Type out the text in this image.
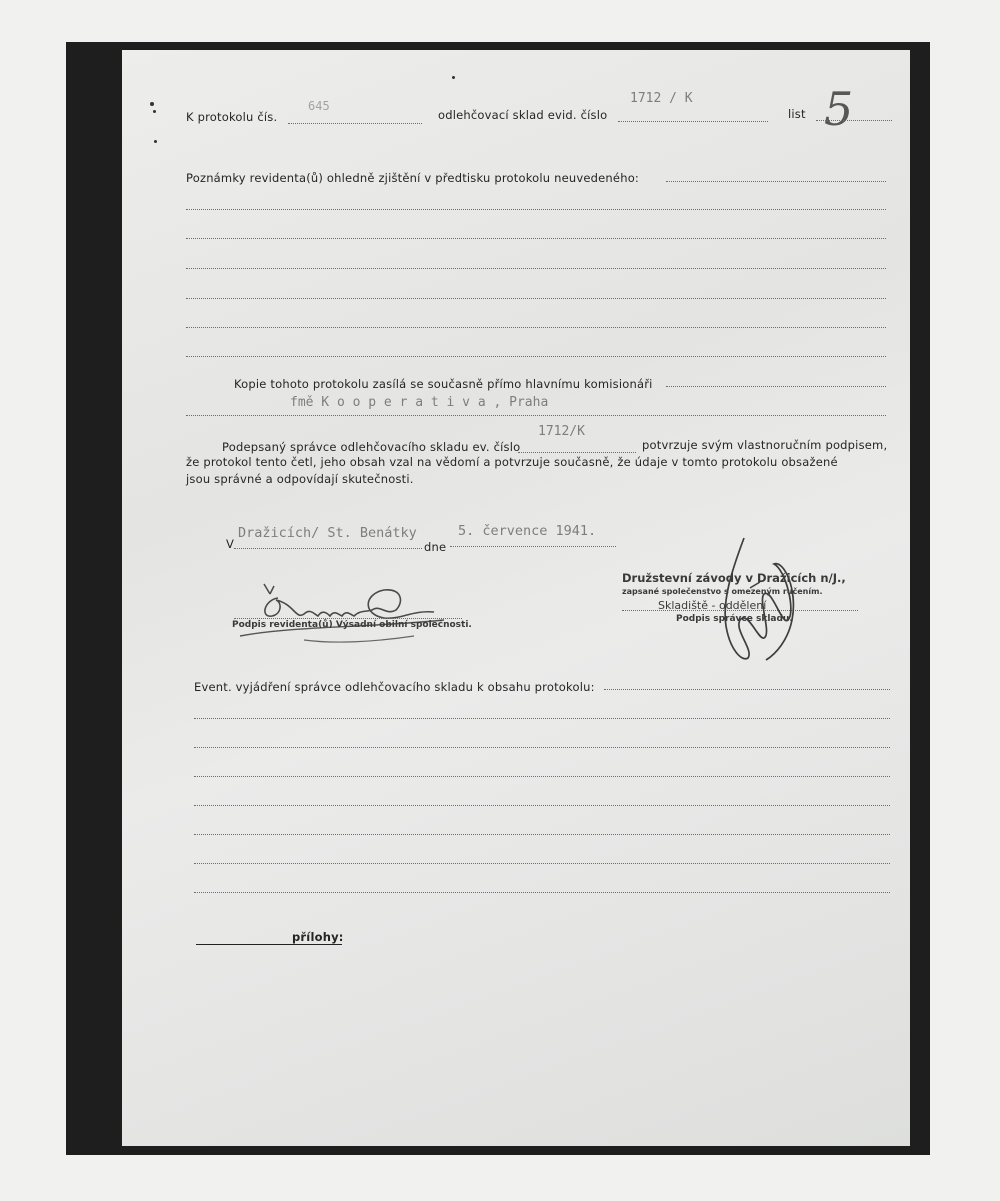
K protokolu čís.
645
odlehčovací sklad evid. číslo
1712 / K
list 5
Poznámky revidenta(ů) ohledně zjištění v předtisku protokolu neuvedeného:
Kopie tohoto protokolu zasílá se současně přímo hlavnímu komisionáři
fmě K o o p e r a t i v a , Praha
Podepsaný správce odlehčovacího skladu ev. číslo
1712/K
potvrzuje svým vlastnoručním podpisem,
že protokol tento četl, jeho obsah vzal na vědomí a potvrzuje současně, že údaje v tomto protokolu obsažené
jsou správné a odpovídají skutečnosti.
V
Dražicích/ St. Benátky
dne
5. července 1941.
Podpis revidenta(ů) Výsadní obilní společnosti.
Družstevní závody v Dražicích n/J.,
zapsané společenstvo s omezeným ručením.
Skladiště - oddělení
Podpis správce skladu.
Event. vyjádření správce odlehčovacího skladu k obsahu protokolu:
přílohy:
